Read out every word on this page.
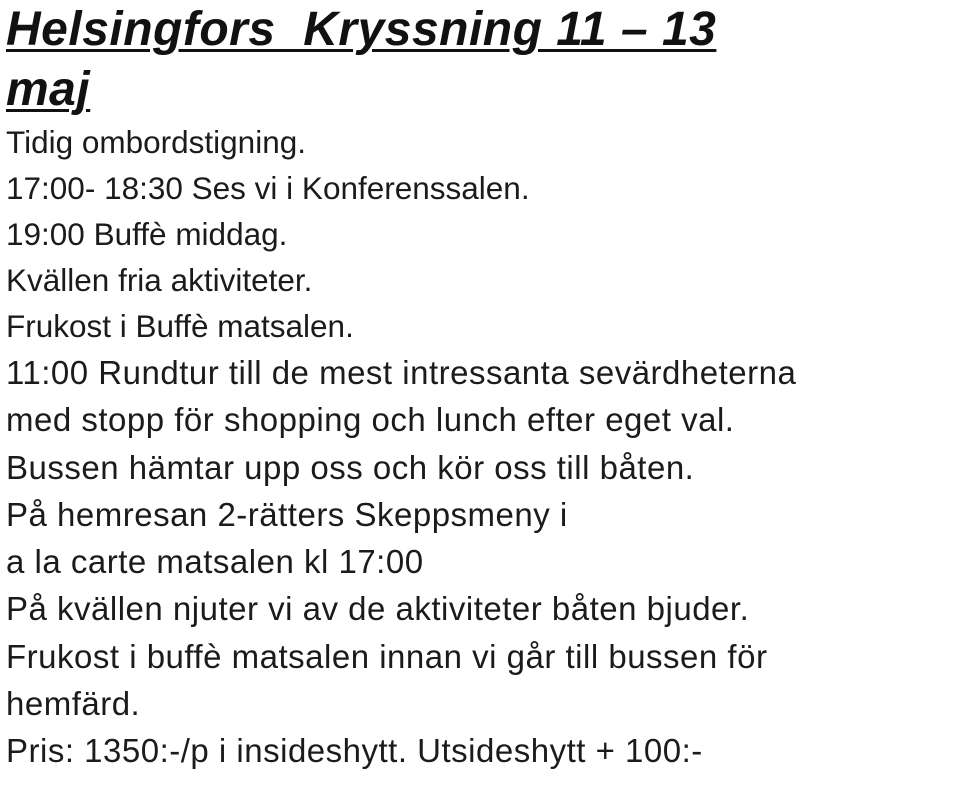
Helsingfors  Kryssning 11 – 13
maj
Tidig ombordstigning.
17:00- 18:30 Ses vi i Konferenssalen.
19:00 Buffè middag.
Kvällen fria aktiviteter.
Frukost i Buffè matsalen.
11:00 Rundtur till de mest intressanta sevärdheterna
med stopp för shopping och lunch efter eget val.
Bussen hämtar upp oss och kör oss till båten.
På hemresan 2-rätters Skeppsmeny i
a la carte matsalen kl 17:00
På kvällen njuter vi av de aktiviteter båten bjuder.
Frukost i buffè matsalen innan vi går till bussen för
hemfärd.
Pris: 1350:-/p i insideshytt. Utsideshytt + 100:-
